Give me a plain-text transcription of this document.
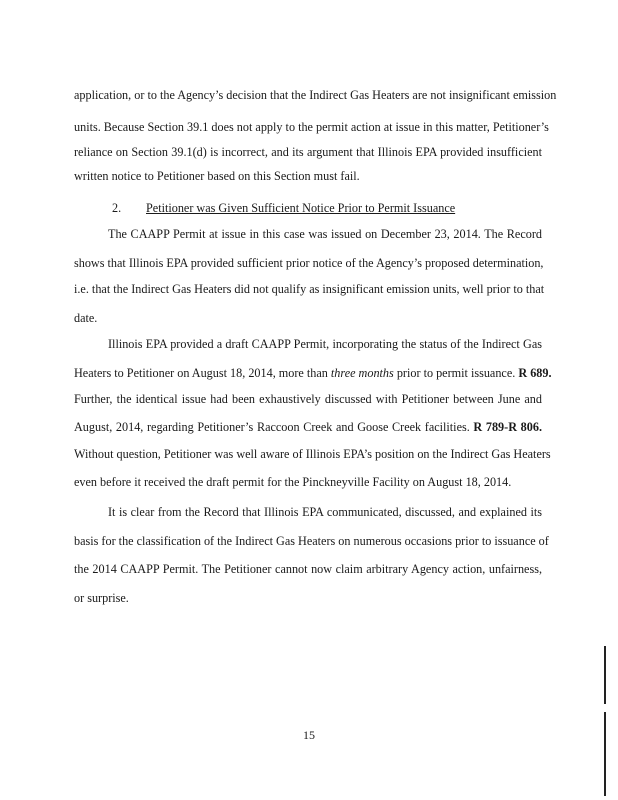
application, or to the Agency’s decision that the Indirect Gas Heaters are not insignificant emission
units. Because Section 39.1 does not apply to the permit action at issue in this matter, Petitioner’s
reliance on Section 39.1(d) is incorrect, and its argument that Illinois EPA provided insufficient
written notice to Petitioner based on this Section must fail.
2. Petitioner was Given Sufficient Notice Prior to Permit Issuance
The CAAPP Permit at issue in this case was issued on December 23, 2014. The Record
shows that Illinois EPA provided sufficient prior notice of the Agency’s proposed determination,
i.e. that the Indirect Gas Heaters did not qualify as insignificant emission units, well prior to that
date.
Illinois EPA provided a draft CAAPP Permit, incorporating the status of the Indirect Gas
Heaters to Petitioner on August 18, 2014, more than three months prior to permit issuance. R 689.
Further, the identical issue had been exhaustively discussed with Petitioner between June and
August, 2014, regarding Petitioner’s Raccoon Creek and Goose Creek facilities. R 789-R 806.
Without question, Petitioner was well aware of Illinois EPA’s position on the Indirect Gas Heaters
even before it received the draft permit for the Pinckneyville Facility on August 18, 2014.
It is clear from the Record that Illinois EPA communicated, discussed, and explained its
basis for the classification of the Indirect Gas Heaters on numerous occasions prior to issuance of
the 2014 CAAPP Permit. The Petitioner cannot now claim arbitrary Agency action, unfairness,
or surprise.
15
